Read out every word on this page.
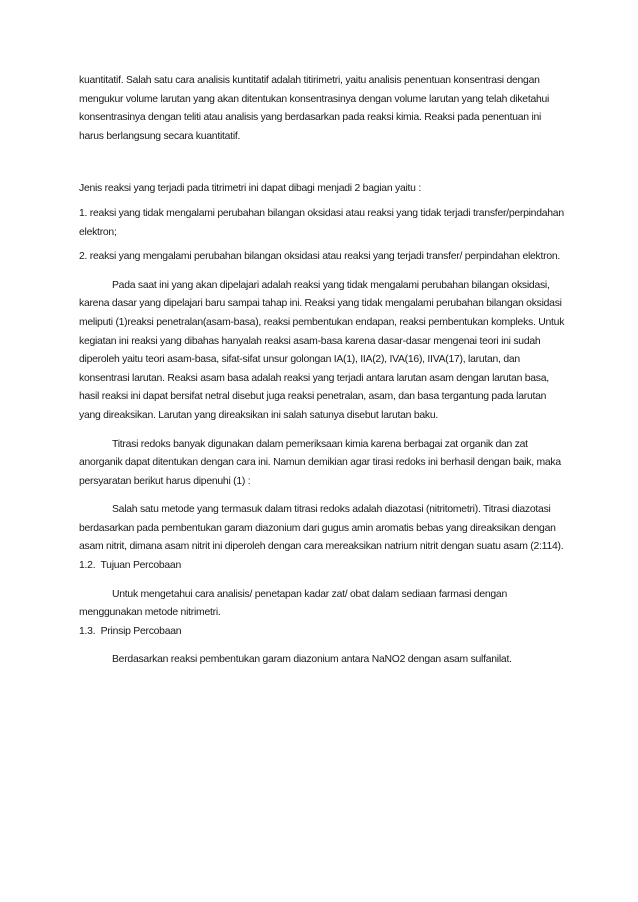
kuantitatif. Salah satu cara analisis kuntitatif adalah titirimetri, yaitu analisis penentuan konsentrasi dengan mengukur volume larutan yang akan ditentukan konsentrasinya dengan volume larutan yang telah diketahui konsentrasinya dengan teliti atau analisis yang berdasarkan pada reaksi kimia. Reaksi pada penentuan ini harus berlangsung secara kuantitatif.

Jenis reaksi yang terjadi pada titrimetri ini dapat dibagi menjadi 2 bagian yaitu :

1. reaksi yang tidak mengalami perubahan bilangan oksidasi atau reaksi yang tidak terjadi transfer/perpindahan elektron;

2. reaksi yang mengalami perubahan bilangan oksidasi atau reaksi yang terjadi transfer/ perpindahan elektron.

Pada saat ini yang akan dipelajari adalah reaksi yang tidak mengalami perubahan bilangan oksidasi, karena dasar yang dipelajari baru sampai tahap ini. Reaksi yang tidak mengalami perubahan bilangan oksidasi meliputi (1)reaksi penetralan(asam-basa), reaksi pembentukan endapan, reaksi pembentukan kompleks. Untuk kegiatan ini reaksi yang dibahas hanyalah reaksi asam-basa karena dasar-dasar mengenai teori ini sudah diperoleh yaitu teori asam-basa, sifat-sifat unsur golongan IA(1), IIA(2), IVA(16), IIVA(17), larutan, dan konsentrasi larutan. Reaksi asam basa adalah reaksi yang terjadi antara larutan asam dengan larutan basa, hasil reaksi ini dapat bersifat netral disebut juga reaksi penetralan, asam, dan basa tergantung pada larutan yang direaksikan. Larutan yang direaksikan ini salah satunya disebut larutan baku.

Titrasi redoks banyak digunakan dalam pemeriksaan kimia karena berbagai zat organik dan zat anorganik dapat ditentukan dengan cara ini. Namun demikian agar tirasi redoks ini berhasil dengan baik, maka persyaratan berikut harus dipenuhi (1) :

Salah satu metode yang termasuk dalam titrasi redoks adalah diazotasi (nitritometri). Titrasi diazotasi berdasarkan pada pembentukan garam diazonium dari gugus amin aromatis bebas yang direaksikan dengan asam nitrit, dimana asam nitrit ini diperoleh dengan cara mereaksikan natrium nitrit dengan suatu asam (2:114).

1.2. Tujuan Percobaan

Untuk mengetahui cara analisis/ penetapan kadar zat/ obat dalam sediaan farmasi dengan menggunakan metode nitrimetri.

1.3. Prinsip Percobaan

Berdasarkan reaksi pembentukan garam diazonium antara NaNO2 dengan asam sulfanilat.
